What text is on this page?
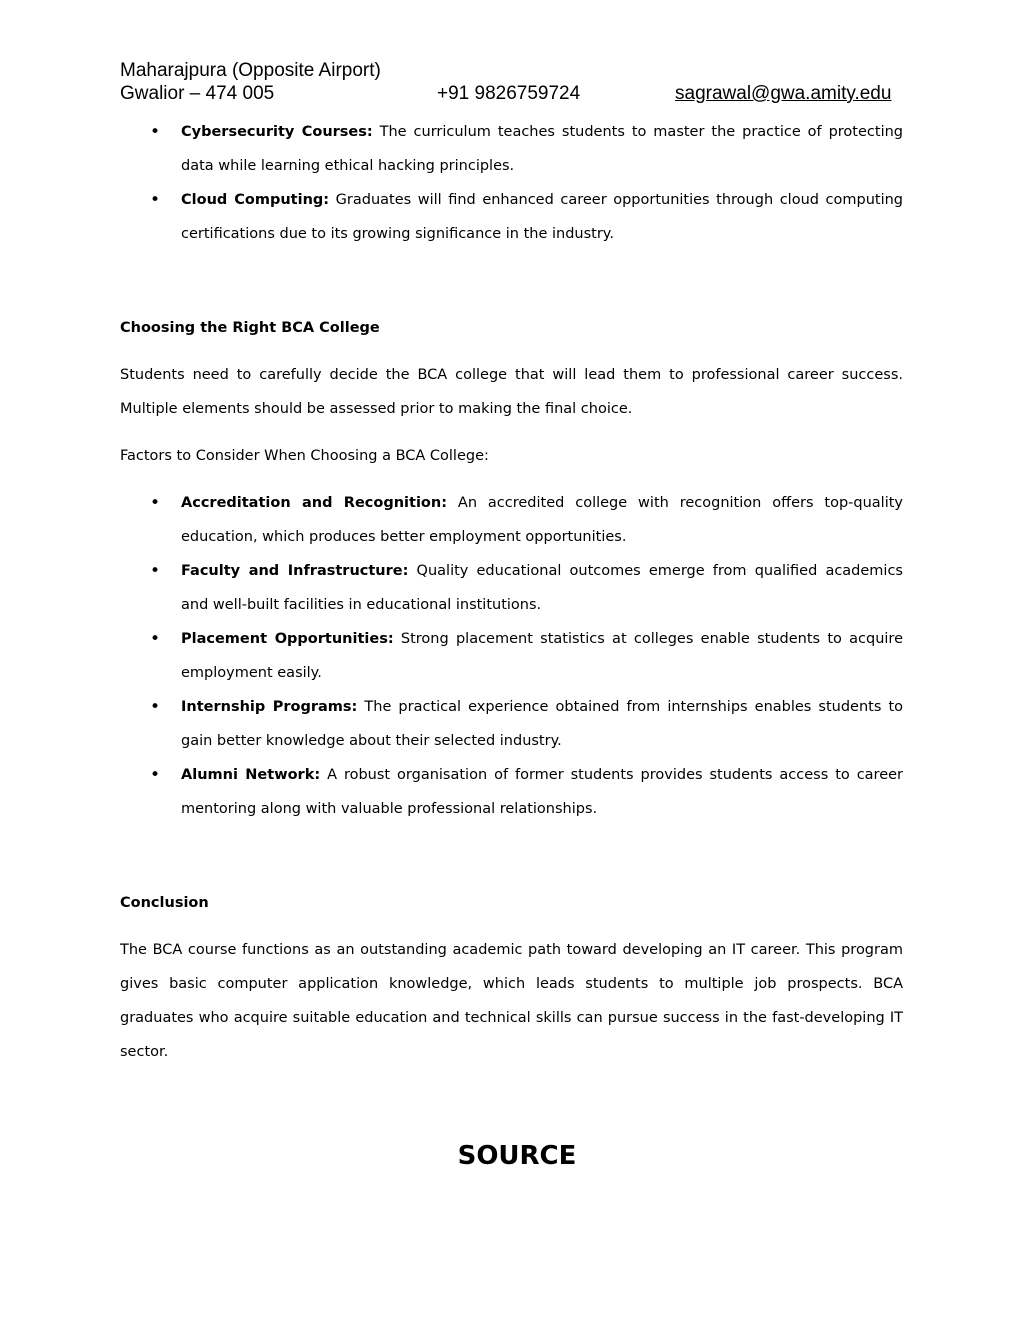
Maharajpura (Opposite Airport)
Gwalior – 474 005	+91 9826759724	sagrawal@gwa.amity.edu
• Cybersecurity Courses: The curriculum teaches students to master the practice of protecting data while learning ethical hacking principles.
• Cloud Computing: Graduates will find enhanced career opportunities through cloud computing certifications due to its growing significance in the industry.

Choosing the Right BCA College

Students need to carefully decide the BCA college that will lead them to professional career success. Multiple elements should be assessed prior to making the final choice.

Factors to Consider When Choosing a BCA College:

• Accreditation and Recognition: An accredited college with recognition offers top-quality education, which produces better employment opportunities.
• Faculty and Infrastructure: Quality educational outcomes emerge from qualified academics and well-built facilities in educational institutions.
• Placement Opportunities: Strong placement statistics at colleges enable students to acquire employment easily.
• Internship Programs: The practical experience obtained from internships enables students to gain better knowledge about their selected industry.
• Alumni Network: A robust organisation of former students provides students access to career mentoring along with valuable professional relationships.

Conclusion

The BCA course functions as an outstanding academic path toward developing an IT career. This program gives basic computer application knowledge, which leads students to multiple job prospects. BCA graduates who acquire suitable education and technical skills can pursue success in the fast-developing IT sector.

SOURCE
